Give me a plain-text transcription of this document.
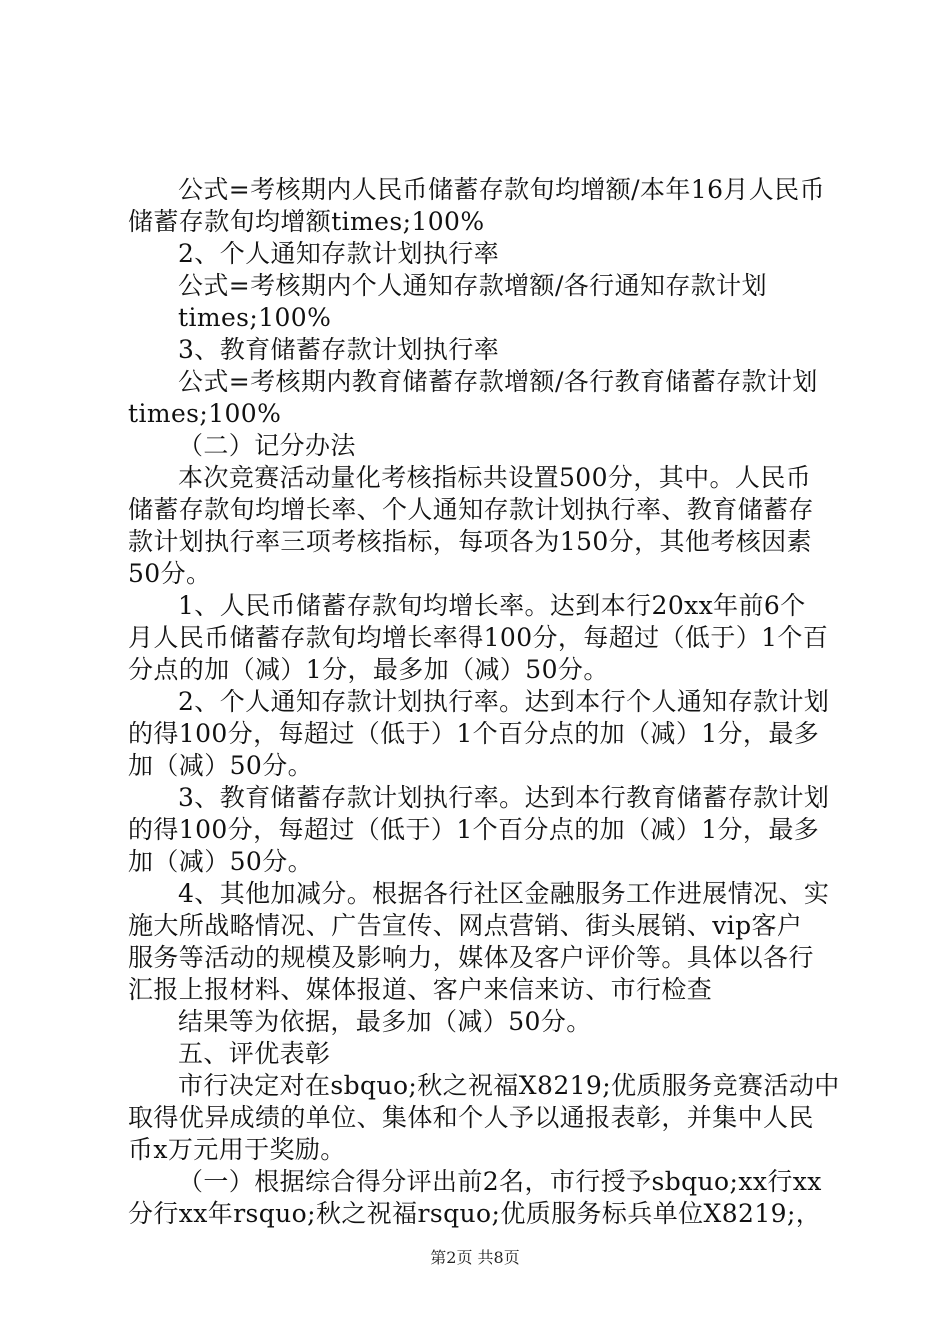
公式=考核期内人民币储蓄存款旬均增额/本年16月人民币
储蓄存款旬均增额times;100%
2、个人通知存款计划执行率
公式=考核期内个人通知存款增额/各行通知存款计划
times;100%
3、教育储蓄存款计划执行率
公式=考核期内教育储蓄存款增额/各行教育储蓄存款计划
times;100%
（二）记分办法
本次竞赛活动量化考核指标共设置500分，其中。人民币
储蓄存款旬均增长率、个人通知存款计划执行率、教育储蓄存
款计划执行率三项考核指标，每项各为150分，其他考核因素
50分。
1、人民币储蓄存款旬均增长率。达到本行20xx年前6个
月人民币储蓄存款旬均增长率得100分，每超过（低于）1个百
分点的加（减）1分，最多加（减）50分。
2、个人通知存款计划执行率。达到本行个人通知存款计划
的得100分，每超过（低于）1个百分点的加（减）1分，最多
加（减）50分。
3、教育储蓄存款计划执行率。达到本行教育储蓄存款计划
的得100分，每超过（低于）1个百分点的加（减）1分，最多
加（减）50分。
4、其他加减分。根据各行社区金融服务工作进展情况、实
施大所战略情况、广告宣传、网点营销、街头展销、vip客户
服务等活动的规模及影响力，媒体及客户评价等。具体以各行
汇报上报材料、媒体报道、客户来信来访、市行检查
结果等为依据，最多加（减）50分。
五、评优表彰
市行决定对在sbquo;秋之祝福X8219;优质服务竞赛活动中
取得优异成绩的单位、集体和个人予以通报表彰，并集中人民
币x万元用于奖励。
（一）根据综合得分评出前2名，市行授予sbquo;xx行xx
分行xx年rsquo;秋之祝福rsquo;优质服务标兵单位X8219;，
第2页 共8页
